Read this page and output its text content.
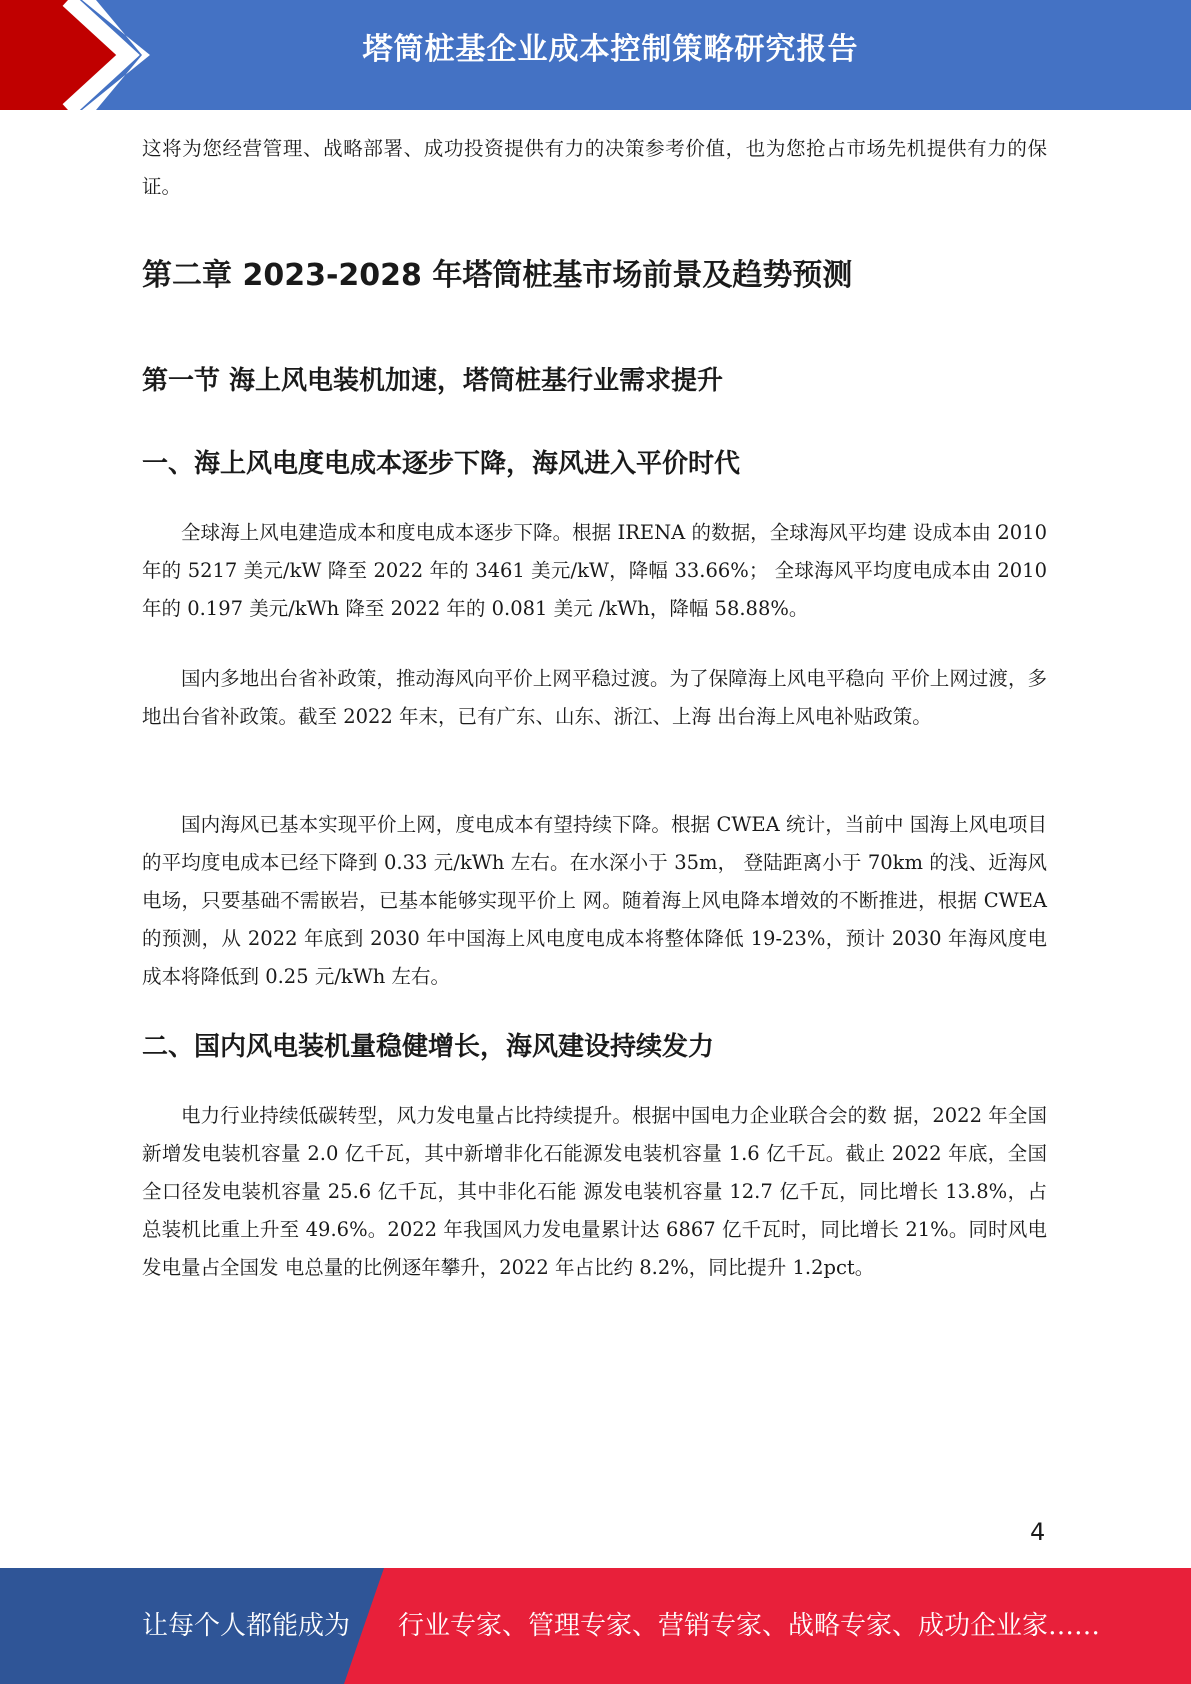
塔筒桩基企业成本控制策略研究报告

这将为您经营管理、战略部署、成功投资提供有力的决策参考价值，也为您抢占市场先机提供有力的保证。

第二章 2023-2028 年塔筒桩基市场前景及趋势预测
第一节 海上风电装机加速，塔筒桩基行业需求提升
一、海上风电度电成本逐步下降，海风进入平价时代

全球海上风电建造成本和度电成本逐步下降。根据 IRENA 的数据，全球海风平均建 设成本由 2010 年的 5217 美元/kW 降至 2022 年的 3461 美元/kW，降幅 33.66%； 全球海风平均度电成本由 2010 年的 0.197 美元/kWh 降至 2022 年的 0.081 美元 /kWh，降幅 58.88%。

国内多地出台省补政策，推动海风向平价上网平稳过渡。为了保障海上风电平稳向 平价上网过渡，多地出台省补政策。截至 2022 年末，已有广东、山东、浙江、上海 出台海上风电补贴政策。

国内海风已基本实现平价上网，度电成本有望持续下降。根据 CWEA 统计，当前中 国海上风电项目的平均度电成本已经下降到 0.33 元/kWh 左右。在水深小于 35m， 登陆距离小于 70km 的浅、近海风电场，只要基础不需嵌岩，已基本能够实现平价上 网。随着海上风电降本增效的不断推进，根据 CWEA 的预测，从 2022 年底到 2030 年中国海上风电度电成本将整体降低 19-23%，预计 2030 年海风度电成本将降低到 0.25 元/kWh 左右。

二、国内风电装机量稳健增长，海风建设持续发力

电力行业持续低碳转型，风力发电量占比持续提升。根据中国电力企业联合会的数 据，2022 年全国新增发电装机容量 2.0 亿千瓦，其中新增非化石能源发电装机容量 1.6 亿千瓦。截止 2022 年底，全国全口径发电装机容量 25.6 亿千瓦，其中非化石能 源发电装机容量 12.7 亿千瓦，同比增长 13.8%，占总装机比重上升至 49.6%。2022 年我国风力发电量累计达 6867 亿千瓦时，同比增长 21%。同时风电发电量占全国发 电总量的比例逐年攀升，2022 年占比约 8.2%，同比提升 1.2pct。

4
让每个人都能成为 行业专家、管理专家、营销专家、战略专家、成功企业家……
